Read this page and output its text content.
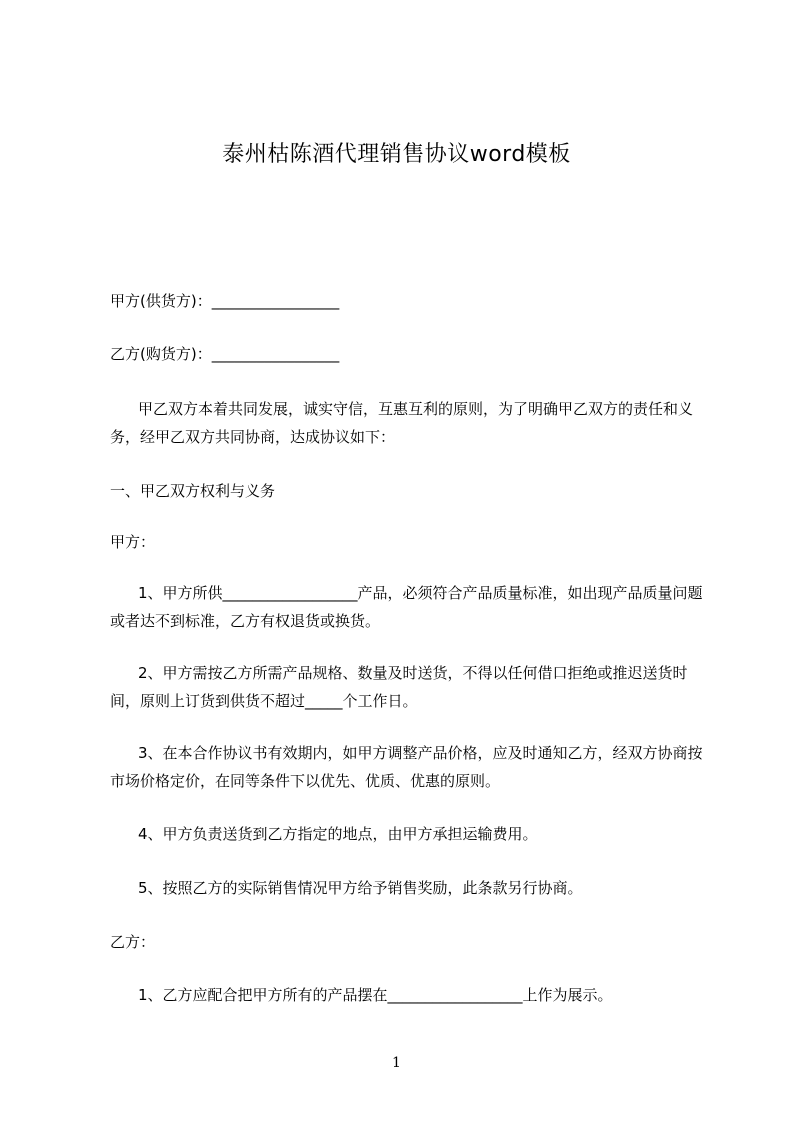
泰州枯陈酒代理销售协议word模板
甲方(供货方)：_________________
乙方(购货方)：_________________
甲乙双方本着共同发展，诚实守信，互惠互利的原则，为了明确甲乙双方的责任和义务，经甲乙双方共同协商，达成协议如下：
一、甲乙双方权利与义务
甲方：
1、甲方所供__________________产品，必须符合产品质量标准，如出现产品质量问题或者达不到标准，乙方有权退货或换货。
2、甲方需按乙方所需产品规格、数量及时送货，不得以任何借口拒绝或推迟送货时间，原则上订货到供货不超过_____个工作日。
3、在本合作协议书有效期内，如甲方调整产品价格，应及时通知乙方，经双方协商按市场价格定价，在同等条件下以优先、优质、优惠的原则。
4、甲方负责送货到乙方指定的地点，由甲方承担运输费用。
5、按照乙方的实际销售情况甲方给予销售奖励，此条款另行协商。
乙方：
1、乙方应配合把甲方所有的产品摆在__________________上作为展示。
1
